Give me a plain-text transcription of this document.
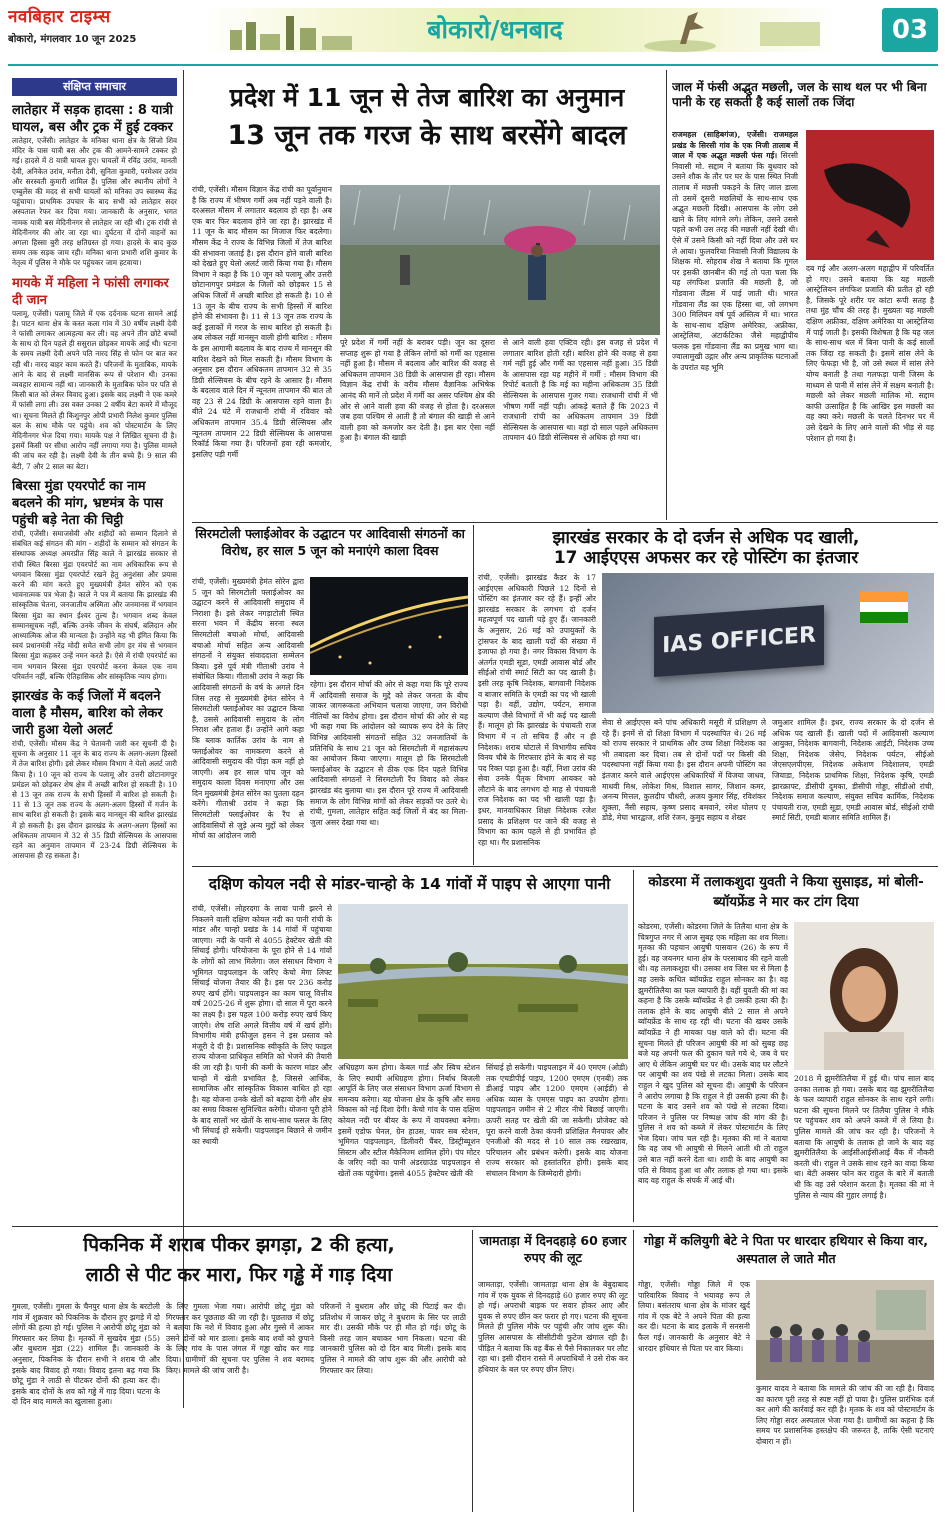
नवबिहार टाइम्स
बोकारो, मंगलवार 10 जून 2025	बोकारो/धनबाद	03
संक्षिप्त समाचार
लातेहार में सड़क हादसा : 8 यात्री घायल, बस और ट्रक में हुई टक्कर
लातेहार, एजेंसी। लातेहार के मनिका थाना क्षेत्र के सिंजो शिव मंदिर के पास यात्री बस और ट्रक की आमने-सामने टक्कर हो गई। हादसे में 8 यात्री घायल हुए। घायलों में रविंद्र उरांव, मानती देवी, अनिकेत उरांव, मनीता देवी, सुनिता कुमारी, परमेश्वर उरांव और सरस्वती कुमारी शामिल हैं। पुलिस और स्थानीय लोगों ने एम्बुलेंस की मदद से सभी घायलों को मनिका उप स्वास्थ्य केंद्र पहुंचाया। प्राथमिक उपचार के बाद सभी को लातेहार सदर अस्पताल रेफर कर दिया गया। जानकारी के अनुसार, भगत नामक यात्री बस मेदिनीनगर से लातेहार जा रही थी। ट्रक रांची से मेदिनीनगर की ओर जा रहा था। दुर्घटना में दोनों वाहनों का अगला हिस्सा बुरी तरह क्षतिग्रस्त हो गया। हादसे के बाद कुछ समय तक सड़क जाम रही। मनिका थाना प्रभारी शशि कुमार के नेतृत्व में पुलिस ने मौके पर पहुंचकर जाम हटवाया।
मायके में महिला ने फांसी लगाकर दी जान
पलामू, एजेंसी। पलामू जिले में एक दर्दनाक घटना सामने आई है। पाटन थाना क्षेत्र के कस्त कला गांव में 30 वर्षीय लक्ष्मी देवी ने फांसी लगाकर आत्महत्या कर ली। वह अपने तीन छोटे बच्चों के साथ दो दिन पहले ही ससुराल छोड़कर मायके आई थी। घटना के समय लक्ष्मी देवी अपने पति नारद सिंह से फोन पर बात कर रही थी। नारद बाहर काम करते हैं। परिजनों के मुताबिक, मायके आने के बाद से लक्ष्मी मानसिक रूप से परेशान थी। उनका व्यवहार सामान्य नहीं था। जानकारी के मुताबिक फोन पर पति से किसी बात को लेकर विवाद हुआ। इसके बाद लक्ष्मी ने एक कमरे में फांसी लगा ली। उस वक्त उनका 2 वर्षीय बेटा कमरे में मौजूद था। सूचना मिलते ही किशुनपुर ओपी प्रभारी निलेश कुमार पुलिस बल के साथ मौके पर पहुंचे। शव को पोस्टमार्टम के लिए मेदिनीनगर भेज दिया गया। मायके पक्ष ने लिखित सूचना दी है। इसमें किसी पर सीधा आरोप नहीं लगाया गया है। पुलिस मामले की जांच कर रही है। लक्ष्मी देवी के तीन बच्चे हैं। 9 साल की बेटी, 7 और 2 साल का बेटा।
बिरसा मुंडा एयरपोर्ट का नाम बदलने की मांग, भ्रष्टमंत्र के पास पहुंची बड़े नेता की चिट्ठी
रांची, एजेंसी। समाजसेवी और शहीदों को सम्मान दिलाने से संबंधित कई संगठन की मांग - शहीदों के सम्मान को संगठन के संस्थापक अध्यक्ष अमरप्रीत सिंह काले ने झारखंड सरकार से रांची स्थित बिरसा मुंडा एयरपोर्ट का नाम अधिकारिक रूप से भगवान बिरसा मुंडा एयरपोर्ट रखने हेतु अनुशंसा और प्रयास करने की मांग करते हुए मुख्यमंत्री हेमंत सोरेन को एक भावनात्मक पत्र भेजा है। काले ने पत्र में बताया कि झारखंड की सांस्कृतिक चेतना, जनजातीय अस्मिता और जनमानस में भगवान बिरसा मुंडा का स्थान ईश्वर तुल्य है। भगवान शब्द केवल सम्मानसूचक नहीं, बल्कि उनके जीवन के संघर्ष, बलिदान और आध्यात्मिक ओज की मान्यता है। उन्होंने यह भी इंगित किया कि स्वयं प्रधानमंत्री नरेंद्र मोदी समेत सभी लोग हर मंच से भगवान बिरसा मुंडा कहकर उन्हें नमन करते हैं। ऐसे में रांची एयरपोर्ट का नाम भगवान बिरसा मुंडा एयरपोर्ट करना केवल एक नाम परिवर्तन नहीं, बल्कि ऐतिहासिक और सांस्कृतिक न्याय होगा।
झारखंड के कई जिलों में बदलने वाला है मौसम, बारिश को लेकर जारी हुआ येलो अलर्ट
रांची, एजेंसी। मौसम केंद्र ने चेतावनी जारी कर सूचनी दी है। सूचना के अनुसार 11 जून के बाद राज्य के अलग-अलग हिस्सों में तेज बारिश होगी। इसे लेकर मौसम विभाग ने येलो अलर्ट जारी किया है। 10 जून को राज्य के पलामू और उत्तरी छोटानागपुर प्रमंडल को छोड़कर शेष क्षेत्र में अच्छी बारिश हो सकती है। 10 से 13 जून तक राज्य के सभी हिस्सों में बारिश हो सकती है। 11 से 13 जून तक राज्य के अलग-अलग हिस्सों में गर्जन के साथ बारिश हो सकती है। इसके बाद मानसून की बारिश झारखंड में हो सकती है। इस दौरान झारखंड के अलग-अलग हिस्सों का अधिकतम तापमान में 32 से 35 डिग्री सेल्सियस के आसपास रहने का अनुमान तापमान में 23-24 डिग्री सेल्सियस के आसपास ही रह सकता है।
प्रदेश में 11 जून से तेज बारिश का अनुमान
13 जून तक गरज के साथ बरसेंगे बादल
रांची, एजेंसी। मौसम विज्ञान केंद्र रांची का पूर्वानुमान है कि राज्य में भीषण गर्मी अब नहीं पड़ने वाली है। दरअसल मौसम में लगातार बदलाव हो रहा है। अब एक बार फिर बदलाव होने जा रहा है। झारखंड में 11 जून के बाद मौसम का मिजाज फिर बदलेगा। मौसम केंद्र ने राज्य के विभिन्न जिलों में तेज बारिश की संभावना जताई है। इस दौरान होने वाली बारिश को देखते हुए येलो अलर्ट जारी किया गया है। मौसम विभाग ने कहा है कि 10 जून को पलामू और उत्तरी छोटानागपुर प्रमंडल के जिलों को छोड़कर 15 से अधिक जिलों में अच्छी बारिश हो सकती है। 10 से 13 जून के बीच राज्य के सभी हिस्सों में बारिश होने की संभावना है। 11 से 13 जून तक राज्य के कई इलाकों में गरज के साथ बारिश हो सकती है। अब लोकल नहीं मानसून वाली होगी बारिश : मौसम के इस आगामी बदलाव के बाद राज्य में मानसून की बारिश देखने को मिल सकती है। मौसम विभाग के अनुसार इस दौरान अधिकतम तापमान 32 से 35 डिग्री सेल्सियस के बीच रहने के आसार है। मौसम के बदलाव वाले दिन में न्यूनतम तापमान की बात तो वह 23 से 24 डिग्री के आसपास रहने वाला है। बीते 24 घंटे में राजधानी रांची में रविवार को अधिकतम तापमान 35.4 डिग्री सेल्सियस और न्यूनतम तापमान 22 डिग्री सेल्सियस के आसपास रिकॉर्ड किया गया है। परिजनों हवा रही कमजोर, इसलिए पड़ी गर्मी
पूरे प्रदेश में गर्मी नहीं के बराबर पड़ी। जून का दूसरा सप्ताह शुरू हो गया है लेकिन लोगों को गर्मी का एहसास नहीं हुआ है। मौसम में बदलाव और बारिश की वजह से अधिकतम तापमान 38 डिग्री के आसपास ही रहा। मौसम विज्ञान केंद्र रांची के वरीय मौसम वैज्ञानिक अभिषेक आनंद की मानें तो प्रदेश में गर्मी का असर पश्चिम क्षेत्र की ओर से आने वाली हवा की वजह से होता है। दरअसल जब हवा पश्चिम से आती है तो बंगाल की खाड़ी से आने वाली हवा को कमजोर कर देती है। इस बार ऐसा नहीं हुआ है। बंगाल की खाड़ी
से आने वाली हवा एक्टिव रही। इस वजह से प्रदेश में लगातार बारिश होती रही। बारिश होने की वजह से हवा गर्म नहीं हुई और गर्मी का एहसास नहीं हुआ। 35 डिग्री के आसपास रहा यह महीने में गर्मी : मौसम विभाग की रिपोर्ट बताती है कि मई का महीना अधिकतम 35 डिग्री सेल्सियस के आसपास गुजर गया। राजधानी रांची में भी भीषण गर्मी नहीं पड़ी। आंकड़े बताते हैं कि 2023 में राजधानी रांची का अधिकतम तापमान 39 डिग्री सेल्सियस के आसपास था। वहां दो साल पहले अधिकतम तापमान 40 डिग्री सेल्सियस से अधिक हो गया था।
जाल में फंसी अद्भुत मछली, जल के साथ थल पर भी बिना पानी के रह सकती है कई सालों तक जिंदा
राजमहल (साहिबगंज), एजेंसी। राजमहल प्रखंड के सिरसी गांव के एक निजी तालाब में जाल में एक अद्भुत मछली फंस गई। सिरसी निवासी मो. सद्दाम ने बताया कि बुधवार को उसने शौक के तौर पर घर के पास स्थित निजी तालाब में मछली पकड़ने के लिए जाल डाला तो उसमें दूसरी मछलियों के साथ-साथ एक अद्भुत मछली दिखी। आसपास के लोग उसे खाने के लिए मांगने लगे। लेकिन, उसने उससे पहले कभी उस तरह की मछली नहीं देखी थी। ऐसे में उसने किसी को नहीं दिया और उसे घर ले आया। फुलवरिया निवासी निजी विद्यालय के शिक्षक मो. सोहराब शेख ने बताया कि गूगल पर इसकी छानबीन की गई तो पता चला कि यह लंगफिश प्रजाति की मछली है, जो गोंडवाना लैंडस में पाई जाती थी। भारत गोंडवाना लैंड का एक हिस्सा था, जो लगभग 300 मिलियन वर्ष पूर्व अस्तित्व में था। भारत के साथ-साथ दक्षिण अमेरिका, अफ्रीका, आस्ट्रेलिया, अंटार्कटिका जैसे महाद्वीपीय फलक इस गोंडवाना लैंड का प्रमुख भाग था। ज्वालामुखी उद्गार और अन्य प्राकृतिक घटनाओं के उपरांत यह भूमि
दब गई और अलग-अलग महाद्वीप में परिवर्तित हो गए। उसने बताया कि यह मछली आस्ट्रेलियन लंगफिश प्रजाति की प्रतीत हो रही है, जिसके पूरे शरीर पर कांटा रूपी सतह है तथा मुंह चौंच की तरह है। मुख्यतः यह मछली दक्षिण अफ्रीका, दक्षिण अमेरिका या आस्ट्रेलिया में पाई जाती है। इसकी विशेषता है कि यह जल के साथ-साथ थल में बिना पानी के कई सालों तक जिंदा रह सकती है। इसमें सांस लेने के लिए फेफड़ा भी है, जो उसे स्थल में सांस लेने योग्य बनाती है तथा गलफड़ा पानी जिस्म के माध्यम से पानी में सांस लेने में सक्षम बनाती है। मछली को लेकर मछली मालिक मो. सद्दाम काफी उत्साहित है कि आखिर इस मछली का वह क्या करे। मछली के चलते दिनभर घर में उसे देखने के लिए आने वालों की भीड़ से वह परेशान हो गया है।
सिरमटोली फ्लाईओवर के उद्घाटन पर आदिवासी संगठनों का विरोध, हर साल 5 जून को मनाएंगे काला दिवस
रांची, एजेंसी। मुख्यमंत्री हेमंत सोरेन द्वारा 5 जून को सिरमटोली फ्लाईओवर का उद्घाटन करने से आदिवासी समुदाय में निराशा है। इसे लेकर नगड़ाटोली स्थित सरना भवन में केंद्रीय सरना स्थल सिरमटोली बचाओ मोर्चा, आदिवासी बचाओ मोर्चा सहित अन्य आदिवासी संगठनों ने संयुक्त संवाददाता सम्मेलन किया। इसे पूर्व मंत्री गीताश्री उरांव ने संबोधित किया। गीताश्री उरांव ने कहा कि आदिवासी संगठनों के वर्ष के अगले दिन जिस तरह से मुख्यमंत्री हेमंत सोरेन ने सिरमटोली फ्लाईओवर का उद्घाटन किया है, उससे आदिवासी समुदाय के लोग निराश और हताश हैं। उन्होंने आगे कहा कि ब्लाक कार्तिक उरांव के नाम से फ्लाईओवर का नामकरण करने से आदिवासी समुदाय की पीड़ा कम नहीं हो जाएगी। अब हर साल पांच जून को समुदाय काला दिवस मनाएगा और उस दिन मुख्यमंत्री हेमंत सोरेन का पुतला दहन करेंगे। गीताश्री उरांव ने कहा कि सिरमटोली फ्लाईओवर के रैंप से आदिवासियों से जुड़े अन्य मुद्दों को लेकर मोर्चा का आंदोलन जारी
रहेगा। इस दौरान मोर्चा की ओर से कहा गया कि पूरे राज्य में आदिवासी समाज के मुद्दे को लेकर जनता के बीच जाकर जागरूकता अभियान चलाया जाएगा, जन विरोधी नीतियों का विरोध होगा। इस दौरान मोर्चा की ओर से यह भी कहा गया कि आंदोलन को व्यापक रूप देने के लिए विभिन्न आदिवासी संगठनों सहित 32 जनजातियों के प्रतिनिधि के साथ 21 जून को सिरमटोली में महासंकल्प का आयोजन किया जाएगा। मालूम हो कि सिरमटोली फ्लाईओवर के उद्घाटन से ठीक एक दिन पहले विभिन्न आदिवासी संगठनों ने सिरमटोली रैंप विवाद को लेकर झारखंड बंद बुलाया था। इस दौरान पूरे राज्य में आदिवासी समाज के लोग विभिन्न मांगों को लेकर सड़कों पर उतरे थे। रांची, गुमला, लातेहार सहित कई जिलों में बंद का मिला-जुला असर देखा गया था।
झारखंड सरकार के दो दर्जन से अधिक पद खाली,
17 आईएएस अफसर कर रहे पोस्टिंग का इंतजार
रांची, एजेंसी। झारखंड कैडर के 17 आईएएस अधिकारी पिछले 12 दिनों से पोस्टिंग का इंतजार कर रहे हैं। इन्हीं ओर झारखंड सरकार के लगभग दो दर्जन महत्वपूर्ण पद खाली पड़े हुए हैं। जानकारी के अनुसार, 26 मई को उपायुक्तों के ट्रांसफर के बाद खाली पदों की संख्या में इजाफा हो गया है। नगर विकास विभाग के अंतर्गत एमडी सूडा, एमडी आवास बोर्ड और सीईओ रांची स्मार्ट सिटी का पद खाली है। इसी तरह कृषि निदेशक, बागवानी निदेशक व बाजार समिति के एमडी का पद भी खाली पड़ा है। वहीं, उद्योग, पर्यटन, समाज कल्याण जैसे विभागों में भी कई पद खाली हैं। मालूम हो कि झारखंड के पंचायती राज विभाग में न तो सचिव हैं और न ही निदेशक। शराब घोटाले में विभागीय सचिव विनय चौबे के गिरफ्तार होने के बाद से यह पद रिक्त पड़ा हुआ है। वहीं, निशा उरांव की सेवा उनके पैतृक विभाग आयकर को लौटाने के बाद लगभग दो माह से पंचायती राज निदेशक का पद भी खाली पड़ा है। इधर, मानवाधिकार शिक्षा निदेशक रजेश प्रसाद के प्रशिक्षण पर जाने की वजह से विभाग का काम पहले से ही प्रभावित हो रहा था। गैर प्रशासनिक
IAS OFFICER
सेवा से आईएएस बने पांच अधिकारी मसूरी में प्रशिक्षण ले रहे हैं। इनमें से दो शिक्षा विभाग में पदस्थापित थे। 26 मई को राज्य सरकार ने प्राथमिक और उच्च शिक्षा निदेशक का भी तबादला कर दिया। तब से दोनों पदों पर किसी की पदस्थापना नहीं किया गया है। इस दौरान अपनी पोस्टिंग का इंतजार करने वाले आईएएस अधिकारियों में विजया जाधव, माधवी मिश्र, लोकेश मिश्र, विशाल सागर, जिशान कमर, अनन्य मित्तल, कुलदीप चौधरी, अजय कुमार सिंह, रविशंकर शुक्ला, नैंसी सहाय, कृष्ण प्रसाद बमवाने, रमेश घोलप ए डोडे, मेघा भारद्वाज, शशि रंजन, कुमुद सहाय व शेखर
जमुआर शामिल हैं। इधर, राज्य सरकार के दो दर्जन से अधिक पद खाली हैं। खाली पदों में आदिवासी कल्याण आयुक्त, निदेशक बागवानी, निदेशक आईटी, निदेशक उच्च शिक्षा, निदेशक जेसेप, निदेशक पर्यटन, सीईओ जेएसएलपीएस, निदेशक अकेशण निदेशालय, एमडी जियाडा, निदेशक प्राथमिक शिक्षा, निदेशक कृषि, एमडी झारक्राफ्ट, डीसीपी दुमका, डीसीपी गोड्डा, सीडीओ रांची, निदेशक समाज कल्याण, संयुक्त सचिव कार्मिक, निदेशक पंचायती राज, एमडी सूडा, एमडी आवास बोर्ड, सीईओ रांची स्मार्ट सिटी, एमडी बाजार समिति शामिल हैं।
दक्षिण कोयल नदी से मांडर-चान्हो के 14 गांवों में पाइप से आएगा पानी
रांची, एजेंसी। लोहरदगा के लावा पानी झरने से निकलने वाली दक्षिण कोयल नदी का पानी रांची के मांडर और चान्हो प्रखंड के 14 गांवों में पहुंचाया जाएगा। नदी के पानी से 4055 हेक्टेयर खेती की सिंचाई होगी। परियोजना के पूरा होने से 14 गांवों के लोगों को लाभ मिलेगा। जल संसाधन विभाग ने भूमिगत पाइपलाइन के जरिए केचो मेगा लिफ्ट सिंचाई योजना तैयार की है। इस पर 236 करोड़ रुपए खर्च होंगे। पाइपलाइन का काम चालू वित्तीय वर्ष 2025-26 में शुरू होगा। दो साल में पूरा करने का लक्ष्य है। इस पहल 100 करोड़ रुपए खर्च किए जाएंगे। शेष राशि अगले वित्तीय वर्ष में खर्च होंगे। विभागीय मंत्री हफीजुल हसन ने इस प्रस्ताव को मंजूरी दे दी है। प्रशासनिक स्वीकृति के लिए फाइल राज्य योजना प्राधिकृत समिति को भेजने की तैयारी की जा रही है। पानी की कमी के कारण मांडर और चान्हो में खेती प्रभावित है, जिससे आर्थिक, सामाजिक और सांस्कृतिक विकास बाधित हो रहा है। यह योजना उनके खेतों को बढ़ावा देगी और क्षेत्र का समग्र विकास सुनिश्चित करेगी। योजना पूरी होने के बाद सालों भर खेतों के साथ-साथ फसल के लिए भी सिंचाई हो सकेगी। पाइपलाइन बिछाने से जमीन का स्थायी
अधिग्रहण कम होगा। केबल गार्ड और स्विच स्टेशन के लिए स्थायी अधिग्रहण होगा। निर्बाध बिजली आपूर्ति के लिए जल संसाधन विभाग ऊर्जा विभाग से समन्वय करेगा। यह योजना क्षेत्र के कृषि और समग्र विकास को नई दिशा देगी। केचो गांव के पास दक्षिण कोयल नदी पर बीयर के रूप में वायवस्था बनेगा। इसमें एडोफ चेनल, ग्रेन हाउस, पावर सब स्टेशन, भूमिगत पाइपलाइन, डिलीवरी चैंबर, डिस्ट्रीब्यूशन सिस्टम और स्टील मैकेनिज्म शामिल होंगे। पंप मोटर के जरिए नदी का पानी अंडरग्राउंड पाइपलाइन से खेतों तक पहुंचेगा। इससे 4055 हेक्टेयर खेती की
सिंचाई हो सकेगी। पाइपलाइन में 40 एमएम (ओडी) तक एचडीपीई पाइप, 1200 एमएम (एनबी) तक डीआई पाइप और 1200 एमएम (आईडी) से अधिक व्यास के एमएस पाइप का उपयोग होगा। पाइपलाइन जमीन से 2 मीटर नीचे बिछाई जाएगी। ऊपरी सतह पर खेती की जा सकेगी। प्रोजेक्ट को पूरा करने वाली ठेका कंपनी प्रशिक्षित मैनपावर और एनजीओ की मदद से 10 साल तक रखरखाव, परिचालन और प्रबंधन करेगी। इसके बाद योजना राज्य सरकार को हस्तांतरित होगी। इसके बाद संचालन विभाग के जिम्मेदारी होगी।
कोडरमा में तलाकशुदा युवती ने किया सुसाइड, मां बोली- ब्यॉयफ्रेंड ने मार कर टांग दिया
कोडरमा, एजेंसी। कोडरमा जिले के तिलैया थाना क्षेत्र के चित्रगुप्त नगर में आज सुबह एक महिला का शव मिला। मृतका की पहचान आयुषी पासवान (26) के रूप में हुई। वह जयनगर थाना क्षेत्र के परसाबाद की रहने वाली थी। वह तलाकशुदा थी। उसका शव जिस घर से मिला है वह उसके कथित ब्वॉयफ्रेंड राहुल सोनकर का है। वह झुमरीतिलैया का फल व्यापारी है। वहीं युवती की मां का कहना है कि उसके ब्वॉयफ्रेंड ने ही उसकी हत्या की है। तलाक होने के बाद आयुषी बीते 2 साल से अपने ब्वॉयफ्रेंड के साथ रह रही थी। घटना की खबर उसके ब्वॉयफ्रेंड ने ही मायका पक्ष वाले को दी। घटना की सूचना मिलते ही परिजन आयुषी की मां को सुबह छह बजे यह अपनी फल की दुकान चले गये थे, जब वे घर आए थे लेकिन आयुषी घर पर थी। उसके बाद घर लौटने पर आयुषी का शव पंखे से लटका मिला। उसके बाद राहुल ने खुद पुलिस को सूचना दी। आयुषी के परिजन ने आरोप लगाया है कि राहुल ने ही उसकी हत्या की है। घटना के बाद उसने शव को पंखे से लटका दिया। परिजन ने पुलिस पर निष्पक्ष जांच की मांग की है। पुलिस ने शव को कब्जे में लेकर पोस्टमार्टम के लिए भेज दिया। जांच चल रही है। मृतका की मां ने बताया कि वह जब भी आयुषी से मिलने आती थी तो राहुल उसे बात नहीं करने देता था। शादी के बाद आयुषी का पति से विवाद हुआ था और तलाक हो गया था। इसके बाद वह राहुल के संपर्क में आई थी।
2018 में झुमरीतिलैया में हुई थी। पांच साल बाद उनका तलाक हो गया। उसके बाद वह झुमरीतिलैया के फल व्यापारी राहुल सोनकर के साथ रहने लगी। घटना की सूचना मिलने पर तिलैया पुलिस ने मौके पर पहुंचकर शव को अपने कब्जे में ले लिया है। पुलिस मामले की जांच कर रही है। परिजनों ने बताया कि आयुषी के तलाक हो जाने के बाद वह झुमरीतिलैया के आईसीआईसीआई बैंक में नौकरी करती थी। राहुल ने उसके साथ रहने का वादा किया था। बेटी अक्सर फोन कर राहुल के बारे में बताती थी कि वह उसे परेशान करता है। मृतका की मां ने पुलिस से न्याय की गुहार लगाई है।
पिकनिक में शराब पीकर झगड़ा, 2 की हत्या,
लाठी से पीट कर मारा, फिर गड्ढे में गाड़ दिया
गुमला, एजेंसी। गुमला के चैनपुर थाना क्षेत्र के बरटोली गांव में शुक्रवार को पिकनिक के दौरान हुए झगड़े में दो लोगों की हत्या हो गई। पुलिस ने आरोपी छोटू मुंडा को गिरफ्तार कर लिया है। मृतकों में सुखदेव मुंडा (55) और बुधराम मुंडा (22) शामिल हैं। जानकारी के अनुसार, पिकनिक के दौरान सभी ने शराब पी और इसके बाद विवाद हो गया। विवाद इतना बढ़ गया कि छोटू मुंडा ने लाठी से पीटकर दोनों की हत्या कर दी। इसके बाद दोनों के शव को गड्ढे में गाड़ दिया। घटना के दो दिन बाद मामले का खुलासा हुआ।
के लिए गुमला भेजा गया। आरोपी छोटू मुंडा को गिरफ्तार कर पूछताछ की जा रही है। पूछताछ में छोटू ने बताया कि नशे में विवाद हुआ और गुस्से में आकर उसने दोनों को मार डाला। इसके बाद शवों को छुपाने के लिए गांव के पास जंगल में गड्ढा खोद कर गाड़ दिया। ग्रामीणों की सूचना पर पुलिस ने शव बरामद किए। मामले की जांच जारी है।
परिजनों ने बुधराम और छोटू की पिटाई कर दी। प्रतिशोध में जाकर छोटू ने बुधराम के सिर पर लाठी मार दी। उसकी मौके पर ही मौत हो गई। छोटू के किसी तरह जान बचाकर भाग निकला। घटना की जानकारी पुलिस को दो दिन बाद मिली। इसके बाद पुलिस ने मामले की जांच शुरू की और आरोपी को गिरफ्तार कर लिया।
जामताड़ा में दिनदहाड़े 60 हजार रुपए की लूट
जामताड़ा, एजेंसी। जामताड़ा थाना क्षेत्र के बेबुदाबाद गांव में एक युवक से दिनदहाड़े 60 हजार रुपए की लूट हो गई। अपराधी बाइक पर सवार होकर आए और युवक से रुपए छीन कर फरार हो गए। घटना की सूचना मिलते ही पुलिस मौके पर पहुंची और जांच शुरू की। पुलिस आसपास के सीसीटीवी फुटेज खंगाल रही है। पीड़ित ने बताया कि वह बैंक से पैसे निकालकर घर लौट रहा था। इसी दौरान रास्ते में अपराधियों ने उसे रोक कर हथियार के बल पर रुपए छीन लिए।
गोड्डा में कलियुगी बेटे ने पिता पर धारदार हथियार से किया वार, अस्पताल ले जाते मौत
गोड्डा, एजेंसी। गोड्डा जिले में एक पारिवारिक विवाद ने भयावह रूप ले लिया। बसंतराय थाना क्षेत्र के मांजर खुर्द गांव में एक बेटे ने अपने पिता की हत्या कर दी। घटना के बाद इलाके में सनसनी फैल गई। जानकारी के अनुसार बेटे ने धारदार हथियार से पिता पर वार किया।
कुमार यादव ने बताया कि मामले की जांच की जा रही है। विवाद का कारण पूरी तरह से स्पष्ट नहीं हो पाया है। पुलिस प्रारंभिक दर्ज कर आगे की कार्रवाई कर रही है। मृतक के शव को पोस्टमार्टम के लिए गोड्डा सदर अस्पताल भेजा गया है। ग्रामीणों का कहना है कि समय पर प्रशासनिक हस्तक्षेप की जरूरत है, ताकि ऐसी घटनाएं दोबारा न हों।
